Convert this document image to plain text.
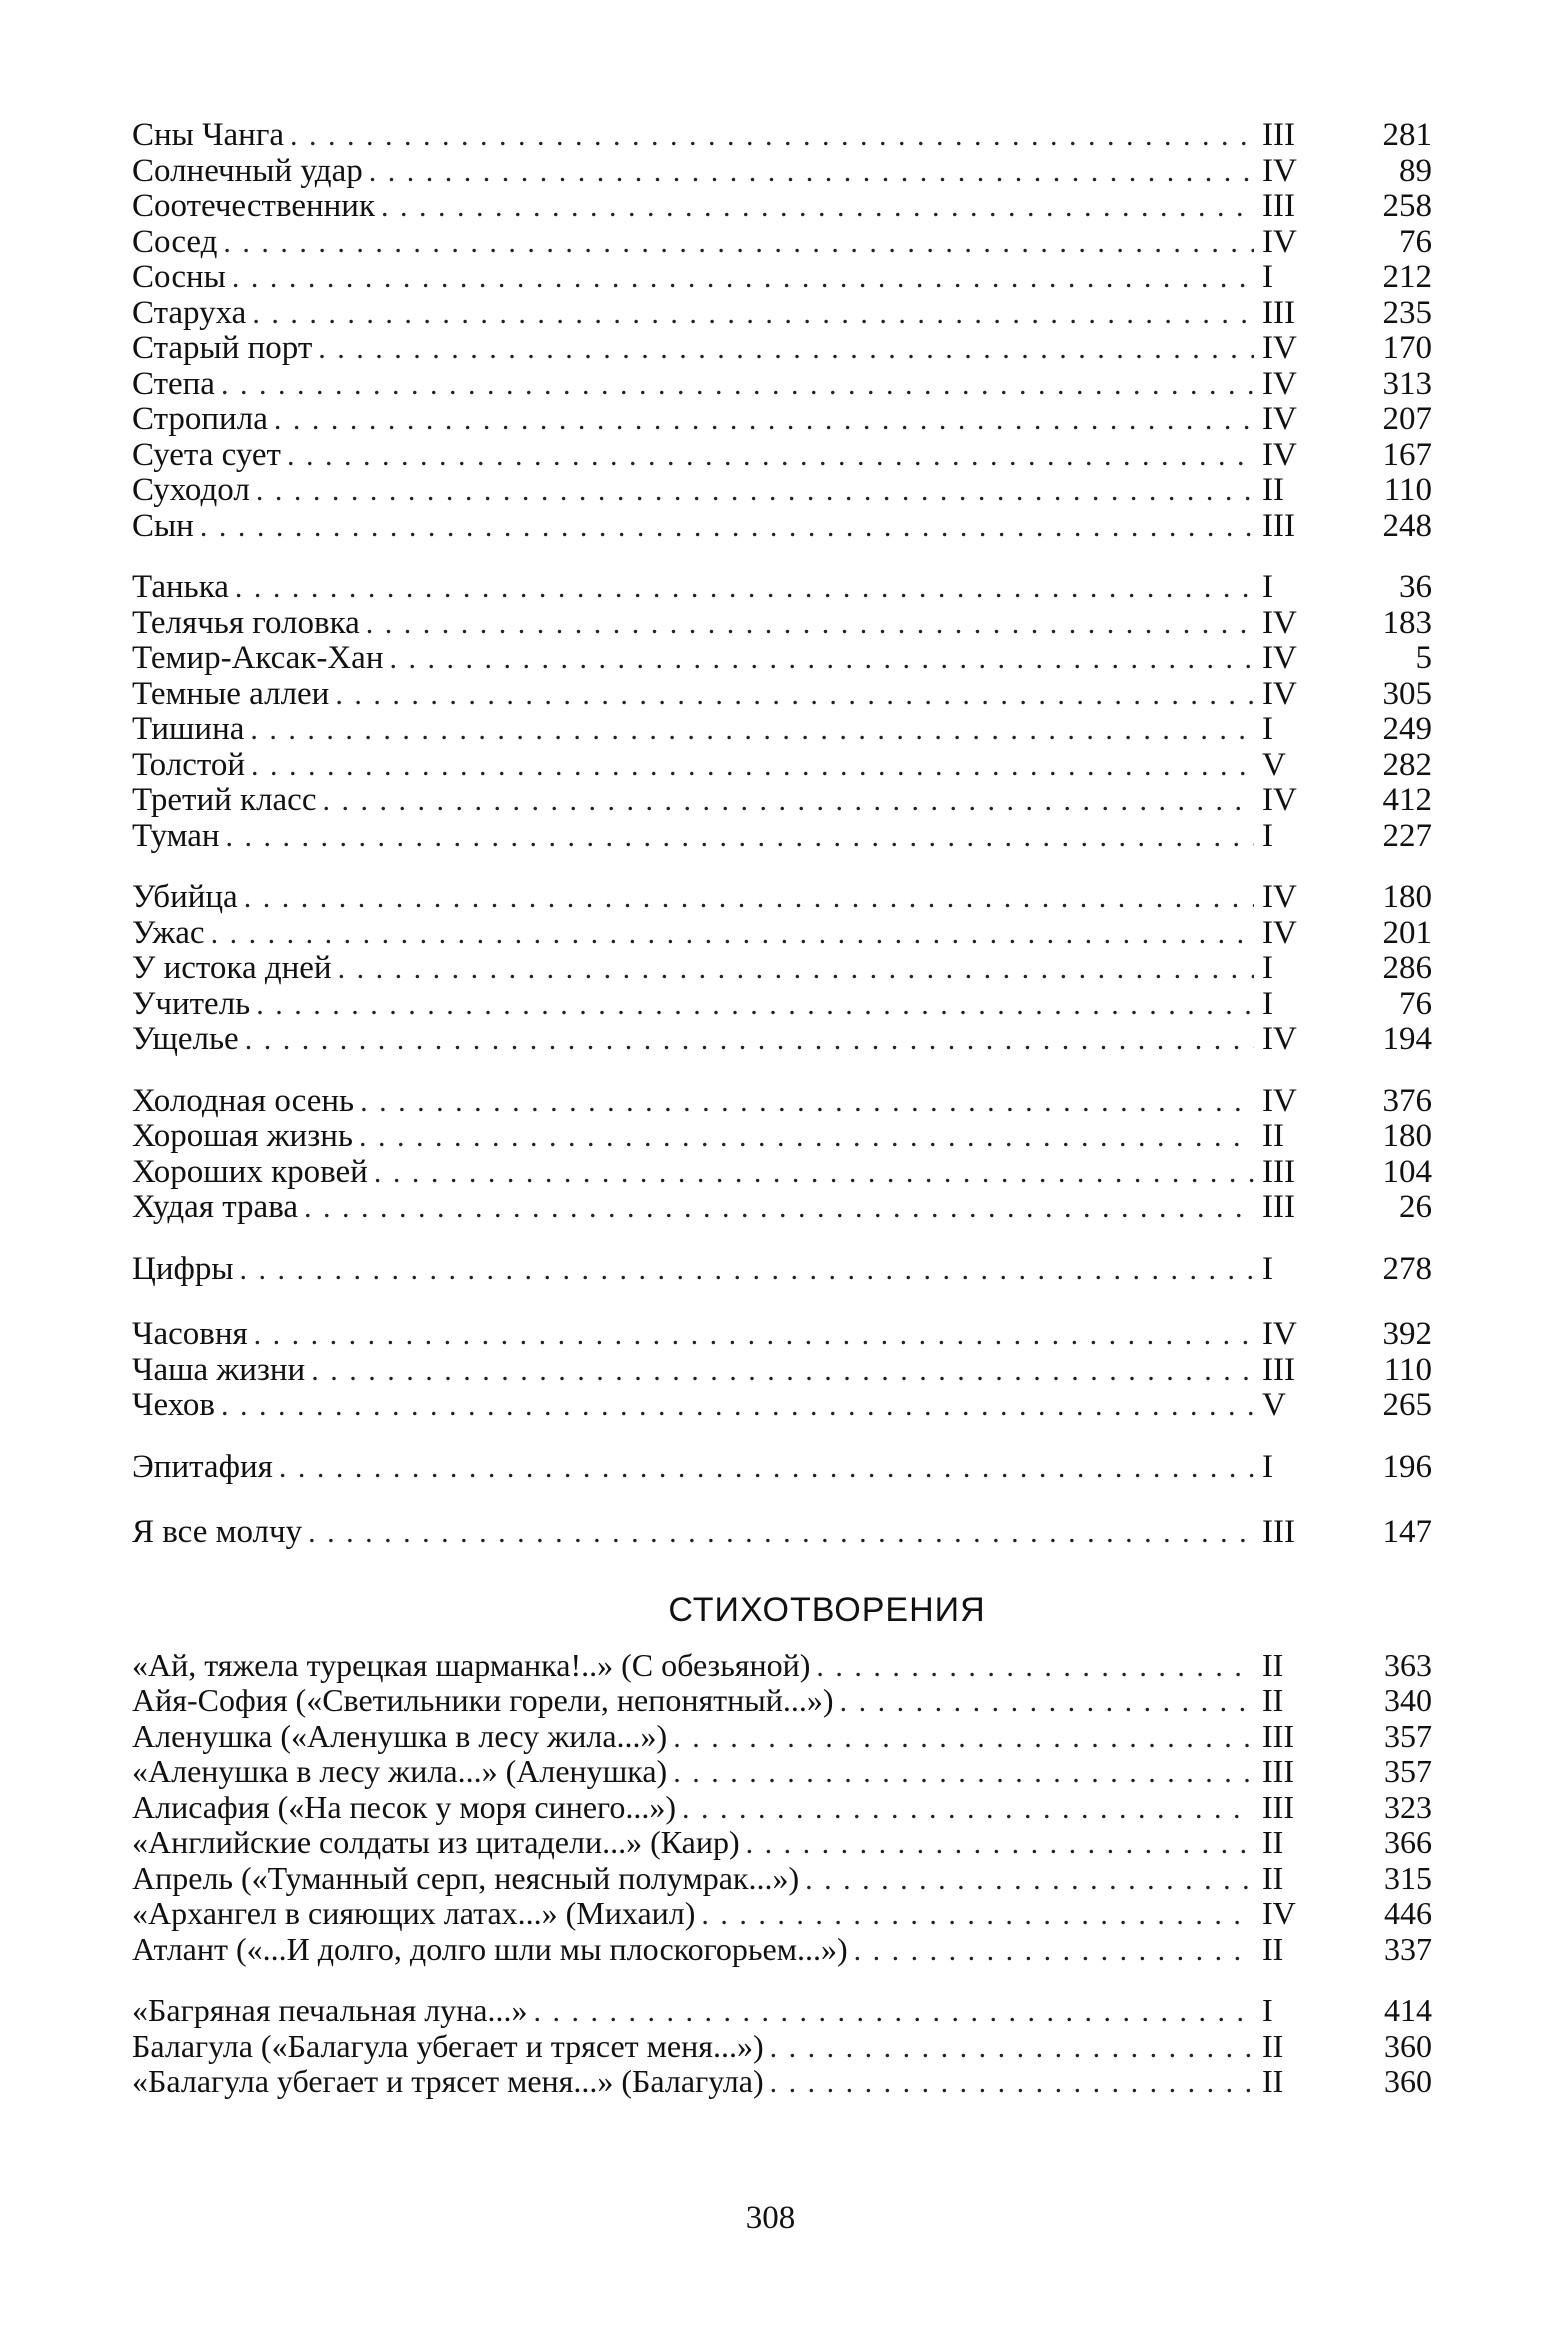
Сны Чанга . . .	III	281
Солнечный удар . . .	IV	89
Соотечественник . . .	III	258
Сосед . . .	IV	76
Сосны . . .	I	212
Старуха . . .	III	235
Старый порт . . .	IV	170
Степа . . .	IV	313
Стропила . . .	IV	207
Суета сует . . .	IV	167
Суходол . . .	II	110
Сын . . .	III	248
Танька . . .	I	36
Телячья головка . . .	IV	183
Темир-Аксак-Хан . . .	IV	5
Темные аллеи . . .	IV	305
Тишина . . .	I	249
Толстой . . .	V	282
Третий класс . . .	IV	412
Туман . . .	I	227
Убийца . . .	IV	180
Ужас . . .	IV	201
У истока дней . . .	I	286
Учитель . . .	I	76
Ущелье . . .	IV	194
Холодная осень . . .	IV	376
Хорошая жизнь . . .	II	180
Хороших кровей . . .	III	104
Худая трава . . .	III	26
Цифры . . .	I	278
Часовня . . .	IV	392
Чаша жизни . . .	III	110
Чехов . . .	V	265
Эпитафия . . .	I	196
Я все молчу . . .	III	147
СТИХОТВОРЕНИЯ
«Ай, тяжела турецкая шарманка!..» (С обезьяной) . . .	II	363
Айя-София («Светильники горели, непонятный...») . . .	II	340
Аленушка («Аленушка в лесу жила...») . . .	III	357
«Аленушка в лесу жила...» (Аленушка) . . .	III	357
Алисафия («На песок у моря синего...») . . .	III	323
«Английские солдаты из цитадели...» (Каир) . . .	II	366
Апрель («Туманный серп, неясный полумрак...») . . .	II	315
«Архангел в сияющих латах...» (Михаил) . . .	IV	446
Атлант («...И долго, долго шли мы плоскогорьем...») . . .	II	337
«Багряная печальная луна...» . . .	I	414
Балагула («Балагула убегает и трясет меня...») . . .	II	360
«Балагула убегает и трясет меня...» (Балагула) . . .	II	360
308
